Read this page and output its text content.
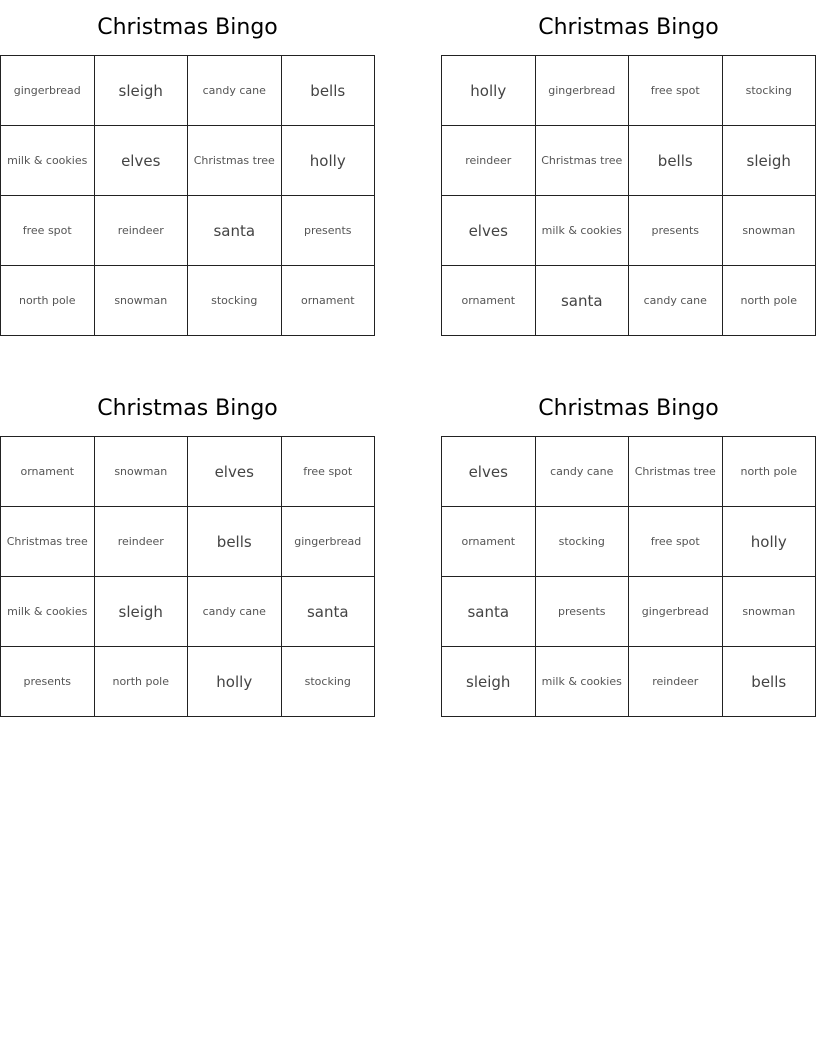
Christmas Bingo
gingerbread	sleigh	candy cane	bells
milk & cookies	elves	Christmas tree	holly
free spot	reindeer	santa	presents
north pole	snowman	stocking	ornament
Christmas Bingo
holly	gingerbread	free spot	stocking
reindeer	Christmas tree	bells	sleigh
elves	milk & cookies	presents	snowman
ornament	santa	candy cane	north pole
Christmas Bingo
ornament	snowman	elves	free spot
Christmas tree	reindeer	bells	gingerbread
milk & cookies	sleigh	candy cane	santa
presents	north pole	holly	stocking
Christmas Bingo
elves	candy cane	Christmas tree	north pole
ornament	stocking	free spot	holly
santa	presents	gingerbread	snowman
sleigh	milk & cookies	reindeer	bells
